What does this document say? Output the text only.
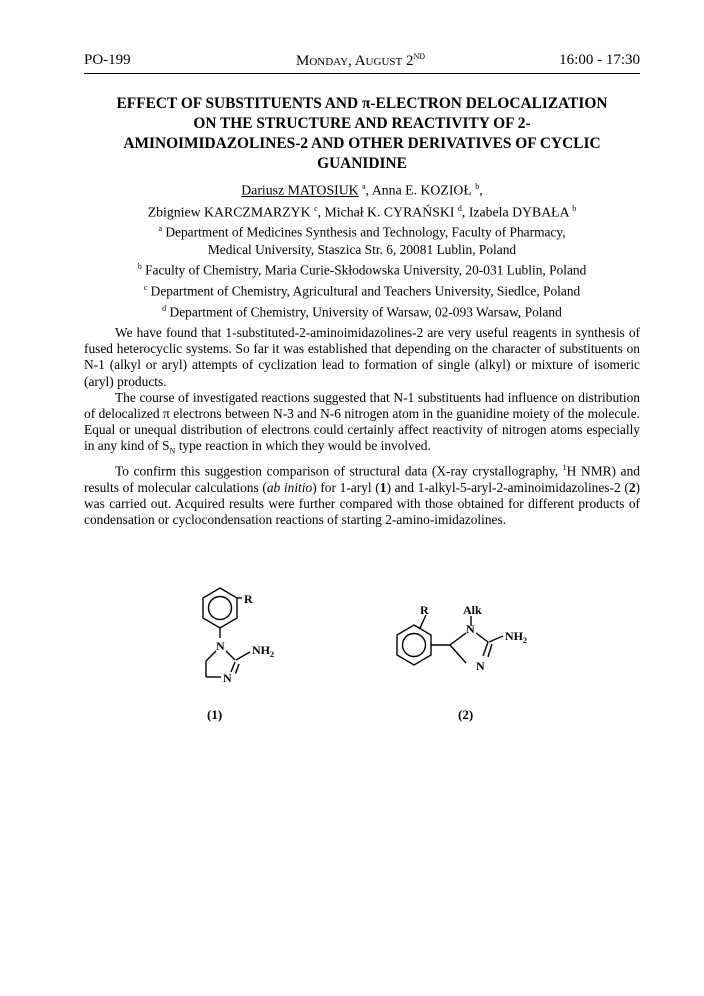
PO-199	Monday, August 2ND	16:00 - 17:30
EFFECT OF SUBSTITUENTS AND π-ELECTRON DELOCALIZATION
ON THE STRUCTURE AND REACTIVITY OF 2-
AMINOIMIDAZOLINES-2 AND OTHER DERIVATIVES OF CYCLIC
GUANIDINE
Dariusz MATOSIUK $^a$, Anna E. KOZIOŁ $^b$,
Zbigniew KARCZMARZYK $^c$, Michał K. CYRAŃSKI $^d$, Izabela DYBAŁA $^b$
$^a$ Department of Medicines Synthesis and Technology, Faculty of Pharmacy,
Medical University, Staszica Str. 6, 20081 Lublin, Poland
$^b$ Faculty of Chemistry, Maria Curie-Skłodowska University, 20-031 Lublin, Poland
$^c$ Department of Chemistry, Agricultural and Teachers University, Siedlce, Poland
$^d$ Department of Chemistry, University of Warsaw, 02-093 Warsaw, Poland

We have found that 1-substituted-2-aminoimidazolines-2 are very useful reagents in synthesis of fused heterocyclic systems. So far it was established that depending on the character of substituents on N-1 (alkyl or aryl) attempts of cyclization lead to formation of single (alkyl) or mixture of isomeric (aryl) products.

The course of investigated reactions suggested that N-1 substituents had influence on distribution of delocalized π electrons between N-3 and N-6 nitrogen atom in the guanidine moiety of the molecule. Equal or unequal distribution of electrons could certainly affect reactivity of nitrogen atoms especially in any kind of $S_N$ type reaction in which they would be involved.

To confirm this suggestion comparison of structural data (X-ray crystallography, $^1$H NMR) and results of molecular calculations (ab initio) for 1-aryl (1) and 1-alkyl-5-aryl-2-aminoimidazolines-2 (2) was carried out. Acquired results were further compared with those obtained for different products of condensation or cyclocondensation reactions of starting 2-amino-imidazolines.

R
N
N
$NH_2$
(1)
R	Alk
N
N
$NH_2$
(2)
